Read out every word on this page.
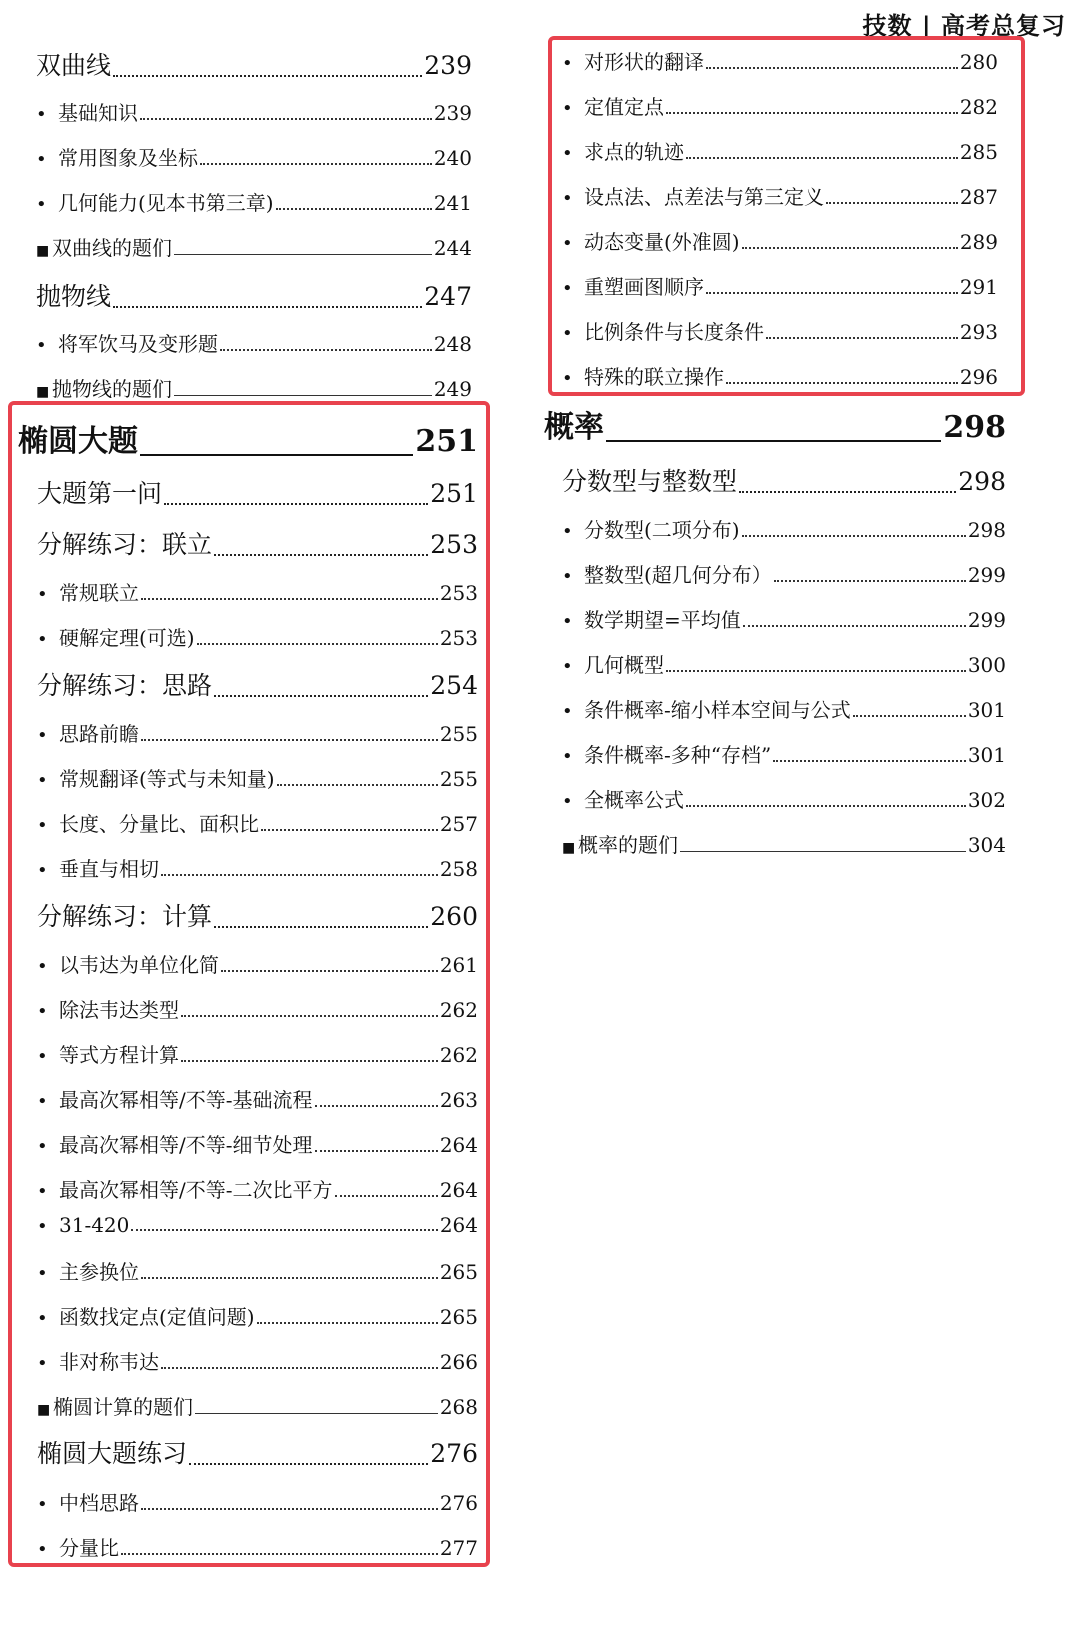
技数 | 高考总复习
双曲线	239
• 基础知识	239
• 常用图象及坐标	240
• 几何能力(见本书第三章)	241
■ 双曲线的题们	244
抛物线	247
• 将军饮马及变形题	248
■ 抛物线的题们	249
椭圆大题	251
大题第一问	251
分解练习：联立	253
• 常规联立	253
• 硬解定理(可选)	253
分解练习：思路	254
• 思路前瞻	255
• 常规翻译(等式与未知量)	255
• 长度、分量比、面积比	257
• 垂直与相切	258
分解练习：计算	260
• 以韦达为单位化简	261
• 除法韦达类型	262
• 等式方程计算	262
• 最高次幂相等/不等-基础流程	263
• 最高次幂相等/不等-细节处理	264
• 最高次幂相等/不等-二次比平方	264
• 31-420	264
• 主参换位	265
• 函数找定点(定值问题)	265
• 非对称韦达	266
■ 椭圆计算的题们	268
椭圆大题练习	276
• 中档思路	276
• 分量比	277
• 对形状的翻译	280
• 定值定点	282
• 求点的轨迹	285
• 设点法、点差法与第三定义	287
• 动态变量(外准圆)	289
• 重塑画图顺序	291
• 比例条件与长度条件	293
• 特殊的联立操作	296
概率	298
分数型与整数型	298
• 分数型(二项分布)	298
• 整数型(超几何分布）	299
• 数学期望=平均值	299
• 几何概型	300
• 条件概率-缩小样本空间与公式	301
• 条件概率-多种“存档”	301
• 全概率公式	302
■ 概率的题们	304
